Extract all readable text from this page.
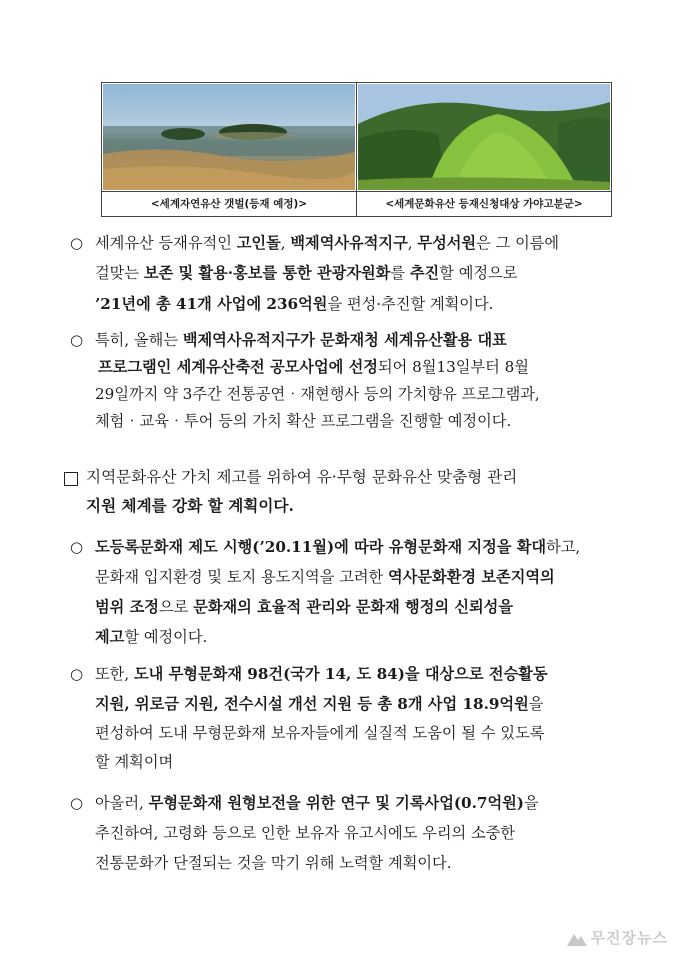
<세계자연유산 갯벌(등재 예정)>	<세계문화유산 등재신청대상 가야고분군>
○ 세계유산 등재유적인 고인돌, 백제역사유적지구, 무성서원은 그 이름에
걸맞는 보존 및 활용·홍보를 통한 관광자원화를 추진할 예정으로
’21년에 총 41개 사업에 236억원을 편성·추진할 계획이다.
○ 특히, 올해는 백제역사유적지구가 문화재청 세계유산활용 대표
프로그램인 세계유산축전 공모사업에 선정되어 8월13일부터 8월
29일까지 약 3주간 전통공연‧재현행사 등의 가치향유 프로그램과,
체험‧교육‧투어 등의 가치 확산 프로그램을 진행할 예정이다.
지역문화유산 가치 제고를 위하여 유·무형 문화유산 맞춤형 관리
지원 체계를 강화 할 계획이다.
○ 도등록문화재 제도 시행(’20.11월)에 따라 유형문화재 지정을 확대하고,
문화재 입지환경 및 토지 용도지역을 고려한 역사문화환경 보존지역의
범위 조정으로 문화재의 효율적 관리와 문화재 행정의 신뢰성을
제고할 예정이다.
○ 또한, 도내 무형문화재 98건(국가 14, 도 84)을 대상으로 전승활동
지원, 위로금 지원, 전수시설 개선 지원 등 총 8개 사업 18.9억원을
편성하여 도내 무형문화재 보유자들에게 실질적 도움이 될 수 있도록
할 계획이며
○ 아울러, 무형문화재 원형보전을 위한 연구 및 기록사업(0.7억원)을
추진하여, 고령화 등으로 인한 보유자 유고시에도 우리의 소중한
전통문화가 단절되는 것을 막기 위해 노력할 계획이다.
무진장뉴스
